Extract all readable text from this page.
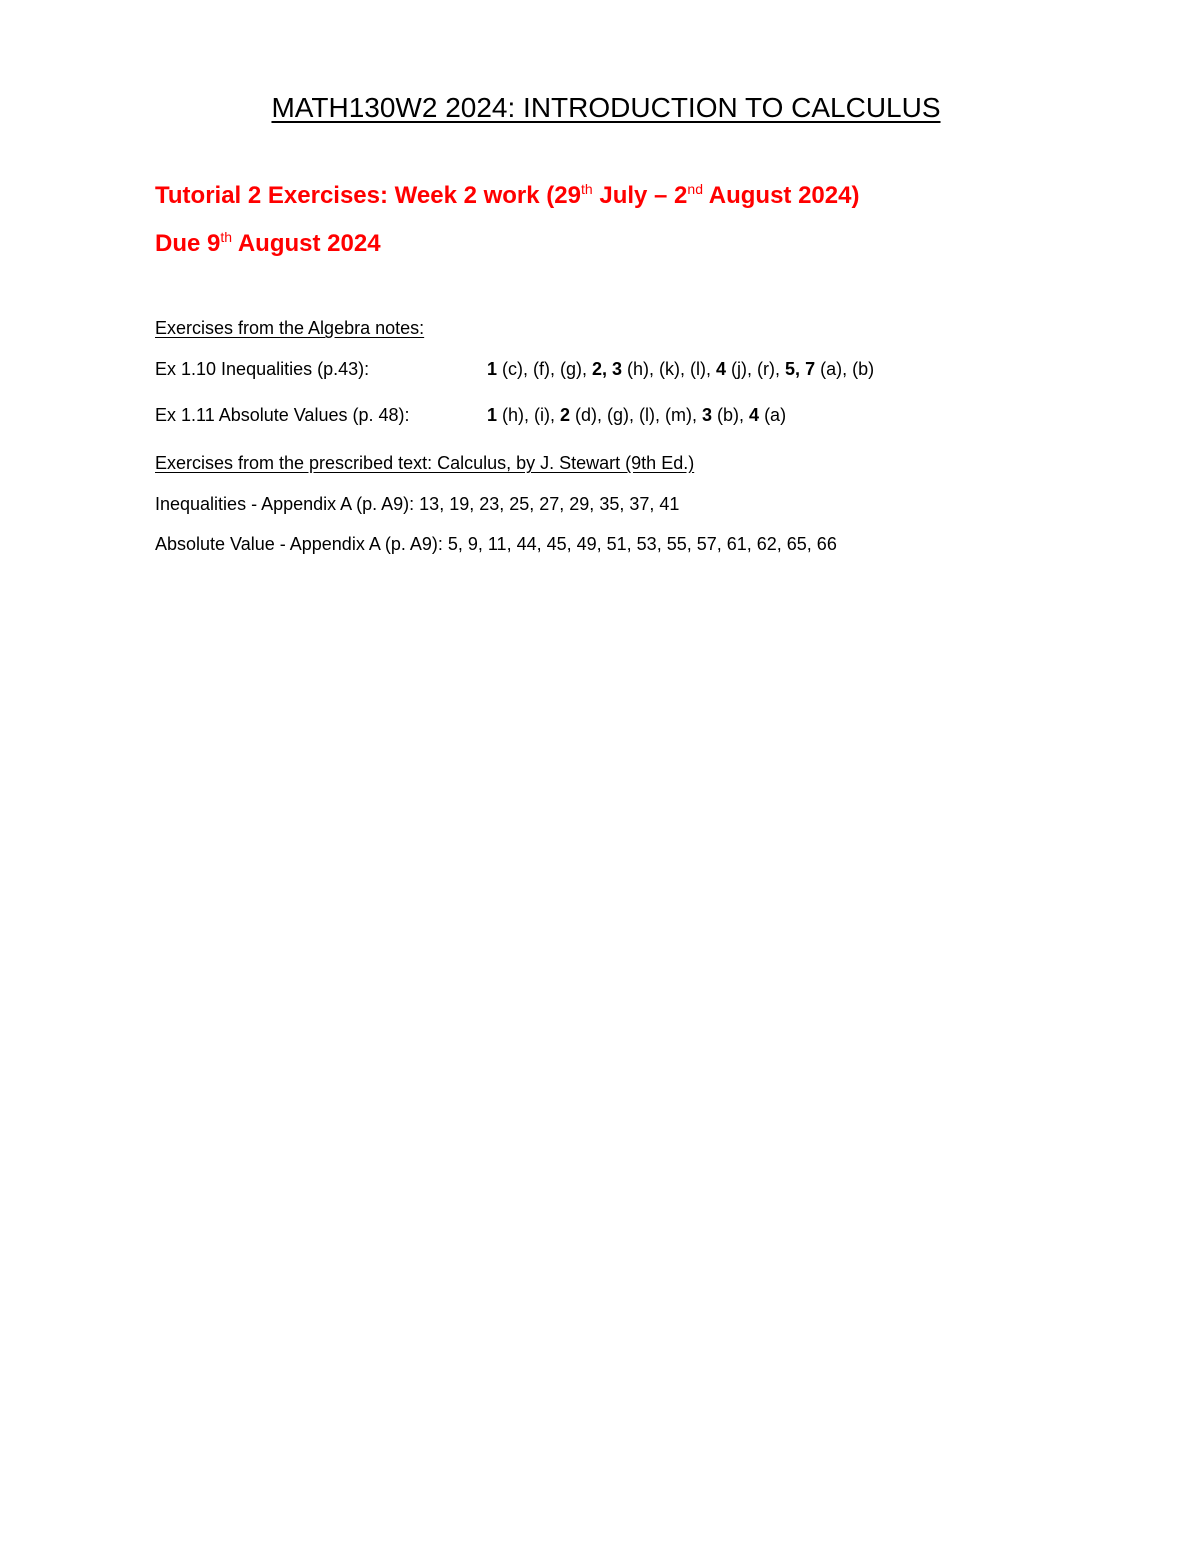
MATH130W2 2024: INTRODUCTION TO CALCULUS
Tutorial 2 Exercises: Week 2 work (29th July – 2nd August 2024)
Due 9th August 2024

Exercises from the Algebra notes:

Ex 1.10 Inequalities (p.43):	1 (c), (f), (g), 2, 3 (h), (k), (l), 4 (j), (r), 5, 7 (a), (b)

Ex 1.11 Absolute Values (p. 48):	1 (h), (i), 2 (d), (g), (l), (m), 3 (b), 4 (a)

Exercises from the prescribed text: Calculus, by J. Stewart (9th Ed.)

Inequalities - Appendix A (p. A9): 13, 19, 23, 25, 27, 29, 35, 37, 41

Absolute Value - Appendix A (p. A9): 5, 9, 11, 44, 45, 49, 51, 53, 55, 57, 61, 62, 65, 66
